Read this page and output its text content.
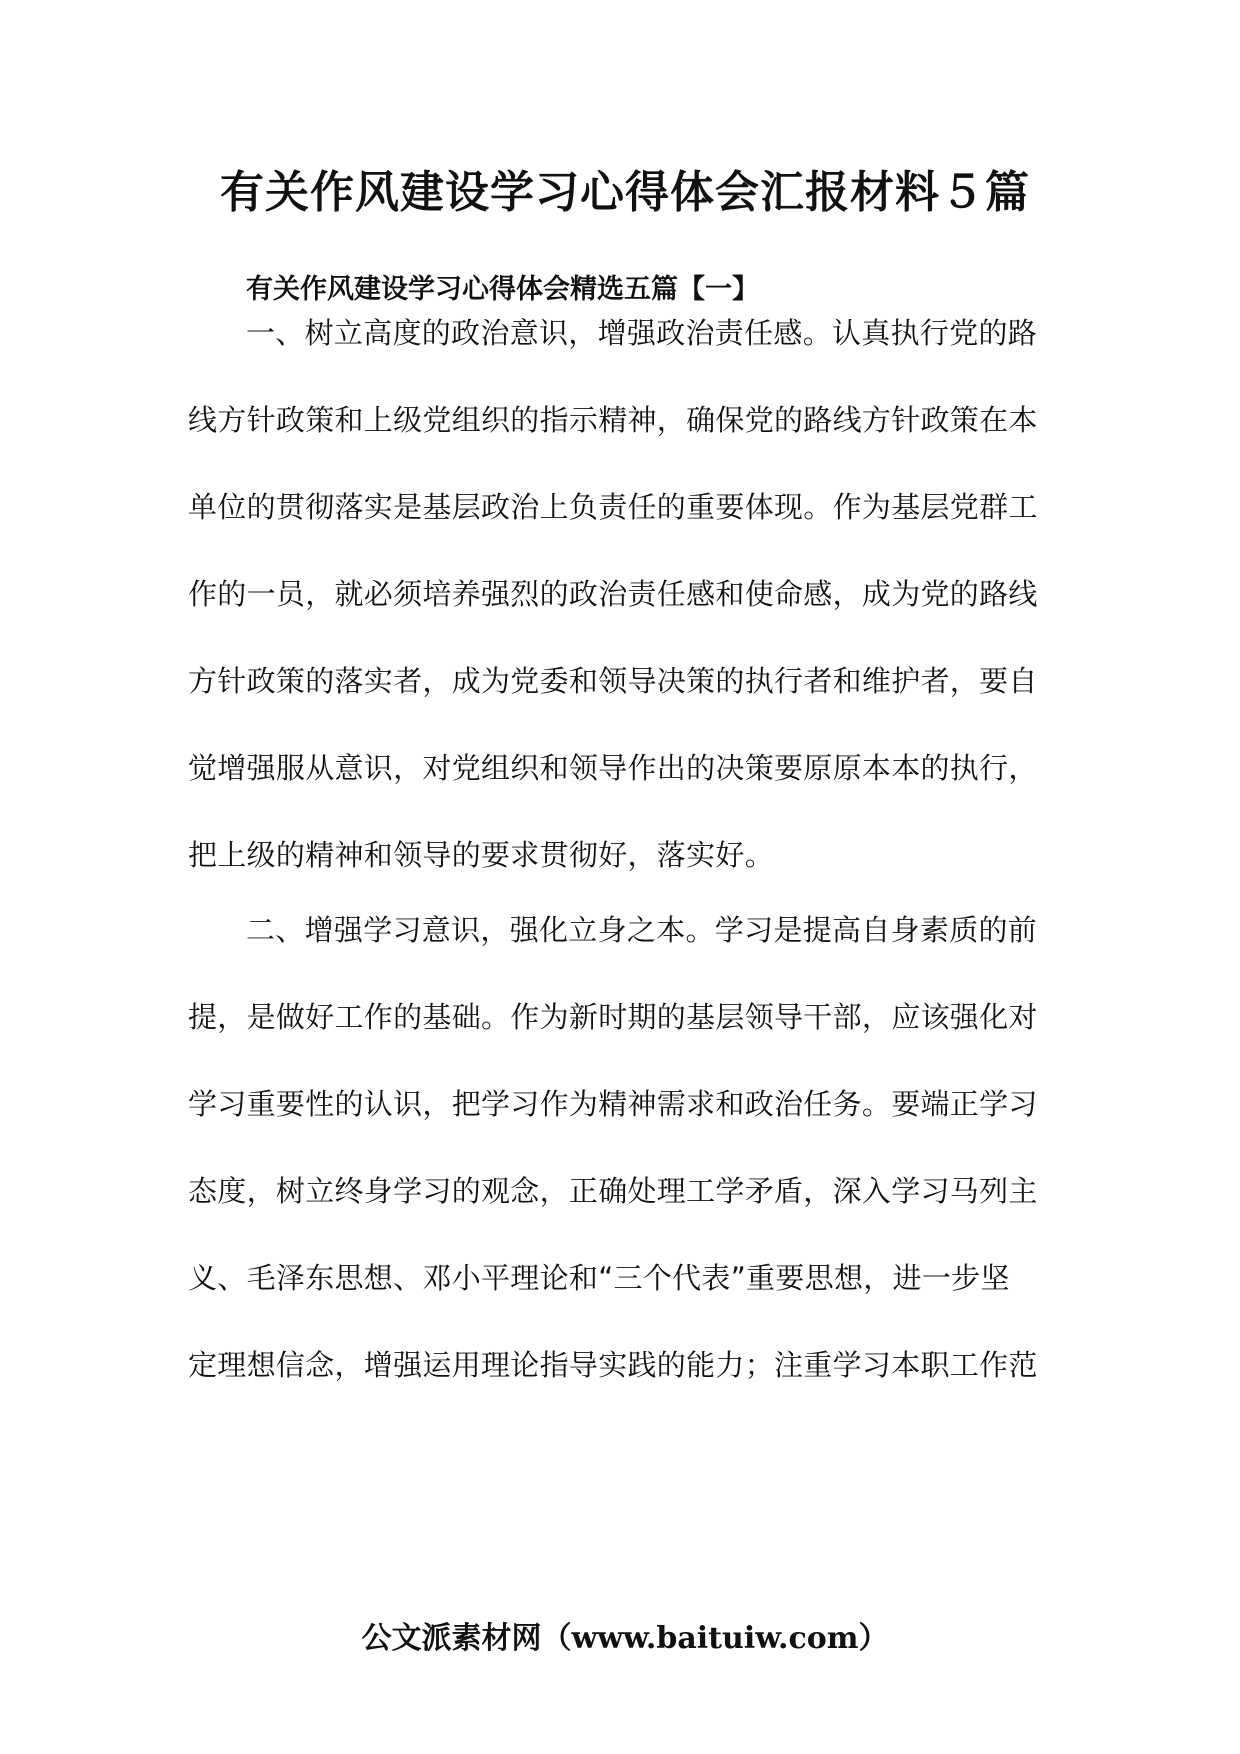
有关作风建设学习心得体会汇报材料５篇
有关作风建设学习心得体会精选五篇【一】
一、树立高度的政治意识，增强政治责任感。认真执行党的路
线方针政策和上级党组织的指示精神，确保党的路线方针政策在本
单位的贯彻落实是基层政治上负责任的重要体现。作为基层党群工
作的一员，就必须培养强烈的政治责任感和使命感，成为党的路线
方针政策的落实者，成为党委和领导决策的执行者和维护者，要自
觉增强服从意识，对党组织和领导作出的决策要原原本本的执行，
把上级的精神和领导的要求贯彻好，落实好。
二、增强学习意识，强化立身之本。学习是提高自身素质的前
提，是做好工作的基础。作为新时期的基层领导干部，应该强化对
学习重要性的认识，把学习作为精神需求和政治任务。要端正学习
态度，树立终身学习的观念，正确处理工学矛盾，深入学习马列主
义、毛泽东思想、邓小平理论和“三个代表”重要思想，进一步坚
定理想信念，增强运用理论指导实践的能力；注重学习本职工作范

公文派素材网（www.baituiw.com）
